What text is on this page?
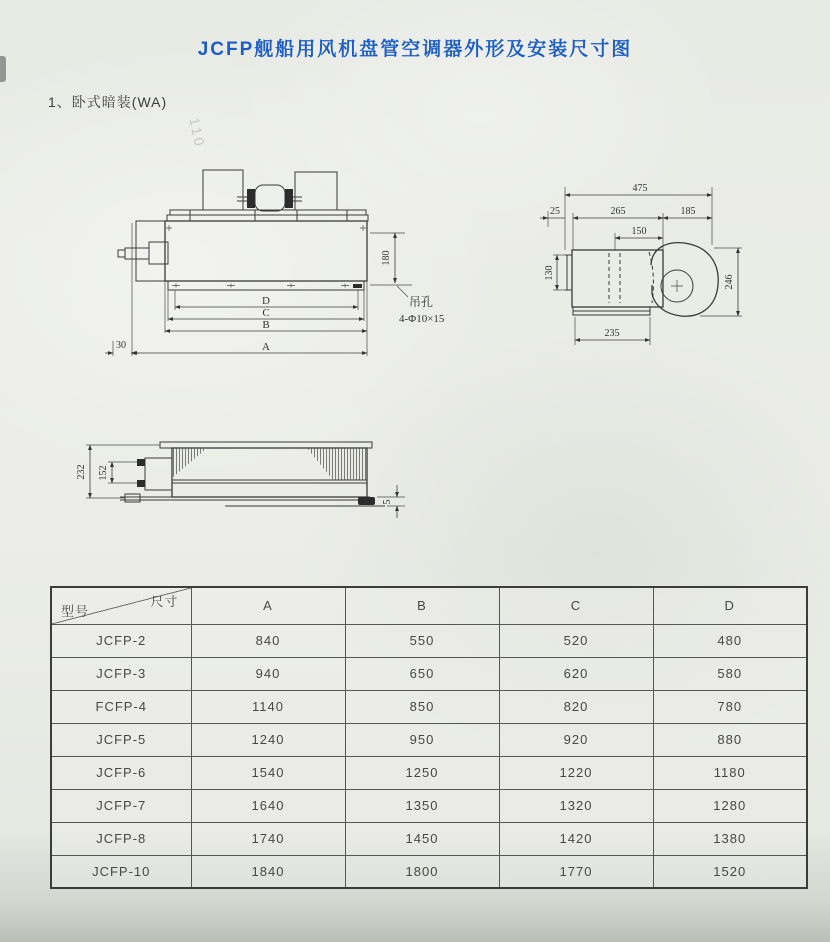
JCFP舰船用风机盘管空调器外形及安装尺寸图
1、卧式暗装(WA)
110
180
吊孔
4-Φ10×15
D
C
B
A
30
475
25	265	185
150
130
246
235
152
232
5
尺寸
型号	A	B	C	D
JCFP-2	840	550	520	480
JCFP-3	940	650	620	580
FCFP-4	1140	850	820	780
JCFP-5	1240	950	920	880
JCFP-6	1540	1250	1220	1180
JCFP-7	1640	1350	1320	1280
JCFP-8	1740	1450	1420	1380
JCFP-10	1840	1800	1770	1520
